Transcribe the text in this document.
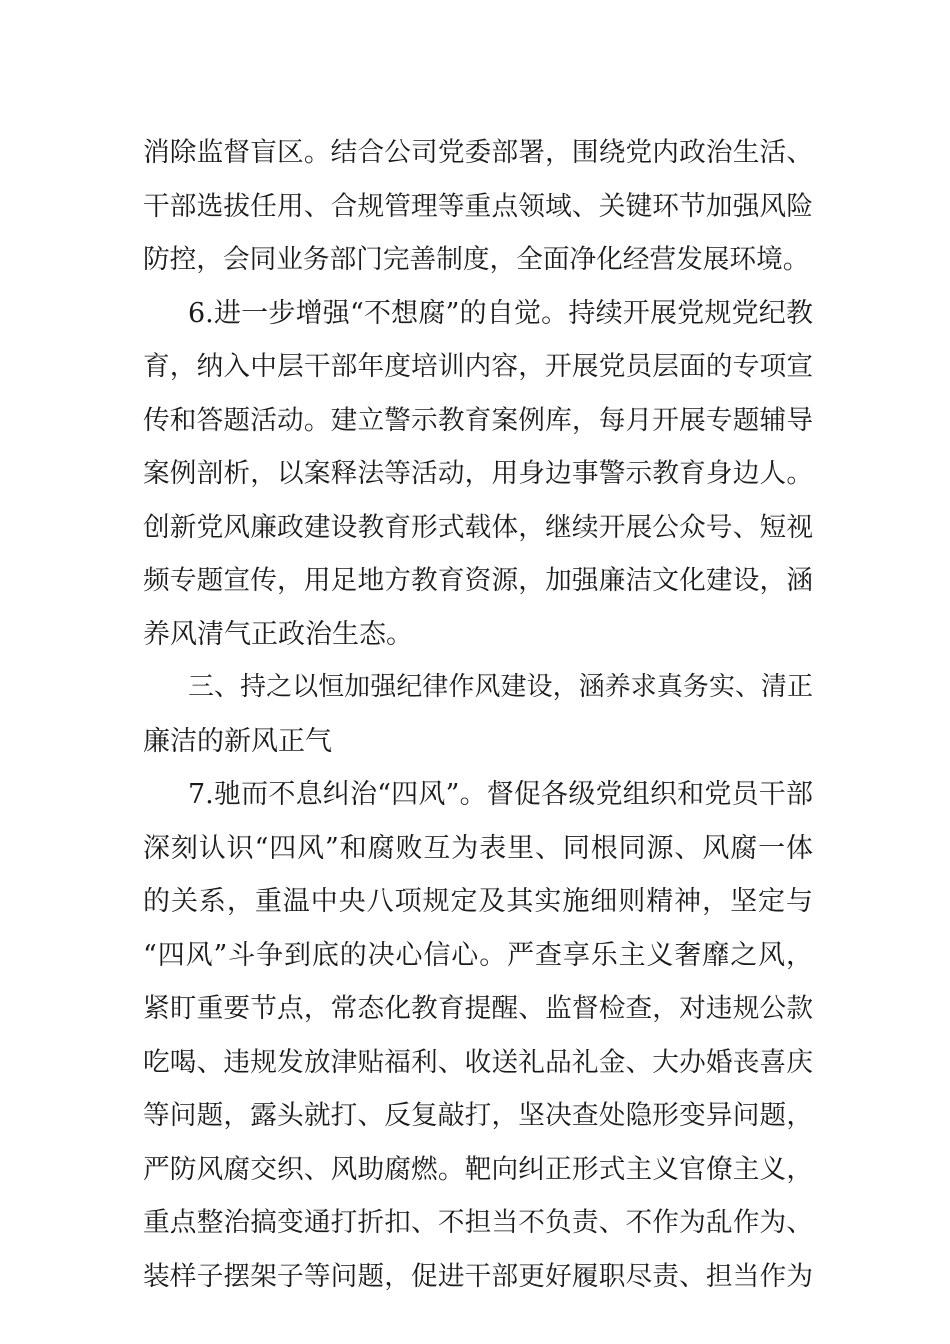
消除监督盲区。结合公司党委部署，围绕党内政治生活、
干部选拔任用、合规管理等重点领域、关键环节加强风险
防控，会同业务部门完善制度，全面净化经营发展环境。
6.进一步增强“不想腐”的自觉。持续开展党规党纪教
育，纳入中层干部年度培训内容，开展党员层面的专项宣
传和答题活动。建立警示教育案例库，每月开展专题辅导
案例剖析，以案释法等活动，用身边事警示教育身边人。
创新党风廉政建设教育形式载体，继续开展公众号、短视
频专题宣传，用足地方教育资源，加强廉洁文化建设，涵
养风清气正政治生态。
三、持之以恒加强纪律作风建设，涵养求真务实、清正
廉洁的新风正气
7.驰而不息纠治“四风”。督促各级党组织和党员干部
深刻认识“四风”和腐败互为表里、同根同源、风腐一体
的关系，重温中央八项规定及其实施细则精神，坚定与
“四风”斗争到底的决心信心。严查享乐主义奢靡之风，
紧盯重要节点，常态化教育提醒、监督检查，对违规公款
吃喝、违规发放津贴福利、收送礼品礼金、大办婚丧喜庆
等问题，露头就打、反复敲打，坚决查处隐形变异问题，
严防风腐交织、风助腐燃。靶向纠正形式主义官僚主义，
重点整治搞变通打折扣、不担当不负责、不作为乱作为、
装样子摆架子等问题，促进干部更好履职尽责、担当作为
